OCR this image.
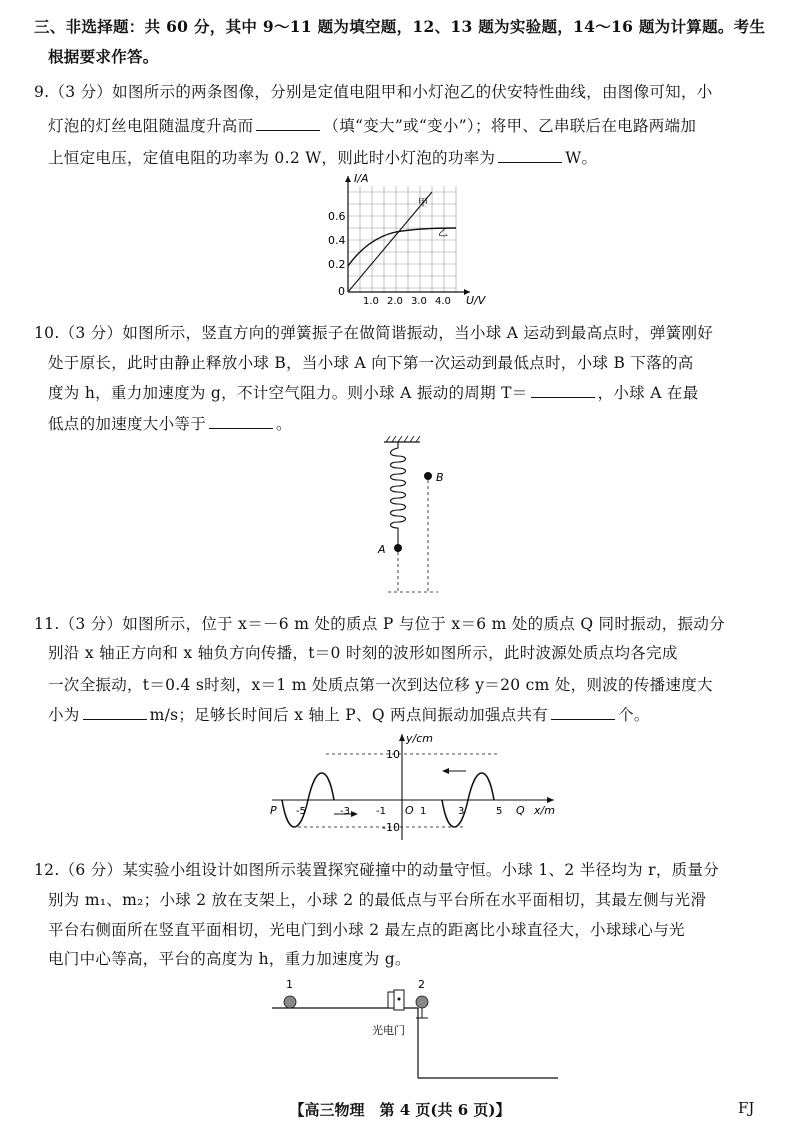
三、非选择题：共 60 分，其中 9～11 题为填空题，12、13 题为实验题，14～16 题为计算题。考生
根据要求作答。
9.（3 分）如图所示的两条图像，分别是定值电阻甲和小灯泡乙的伏安特性曲线，由图像可知，小
灯泡的灯丝电阻随温度升高而	（填“变大”或“变小”）；将甲、乙串联后在电路两端加
上恒定电压，定值电阻的功率为 0.2 W，则此时小灯泡的功率为	W。
I/A
U/V
0.6
0.4
0.2
0
1.0 2.0 3.0 4.0
甲
乙
10.（3 分）如图所示，竖直方向的弹簧振子在做简谐振动，当小球 A 运动到最高点时，弹簧刚好
处于原长，此时由静止释放小球 B，当小球 A 向下第一次运动到最低点时，小球 B 下落的高
度为 h，重力加速度为 g，不计空气阻力。则小球 A 振动的周期 T＝	，小球 A 在最
低点的加速度大小等于	。
A
B
11.（3 分）如图所示，位于 x＝－6 m 处的质点 P 与位于 x＝6 m 处的质点 Q 同时振动，振动分
别沿 x 轴正方向和 x 轴负方向传播，t＝0 时刻的波形如图所示，此时波源处质点均各完成
一次全振动，t＝0.4 s时刻，x＝1 m 处质点第一次到达位移 y＝20 cm 处，则波的传播速度大
小为	m/s；足够长时间后 x 轴上 P、Q 两点间振动加强点共有	个。
y/cm
x/m
10
-10
P	Q
O
-5	-3	-1	1	3	5
12.（6 分）某实验小组设计如图所示装置探究碰撞中的动量守恒。小球 1、2 半径均为 r，质量分
别为 m₁、m₂；小球 2 放在支架上，小球 2 的最低点与平台所在水平面相切，其最左侧与光滑
平台右侧面所在竖直平面相切，光电门到小球 2 最左点的距离比小球直径大，小球球心与光
电门中心等高，平台的高度为 h，重力加速度为 g。
1	2
光电门
【高三物理　第 4 页(共 6 页)】	FJ
